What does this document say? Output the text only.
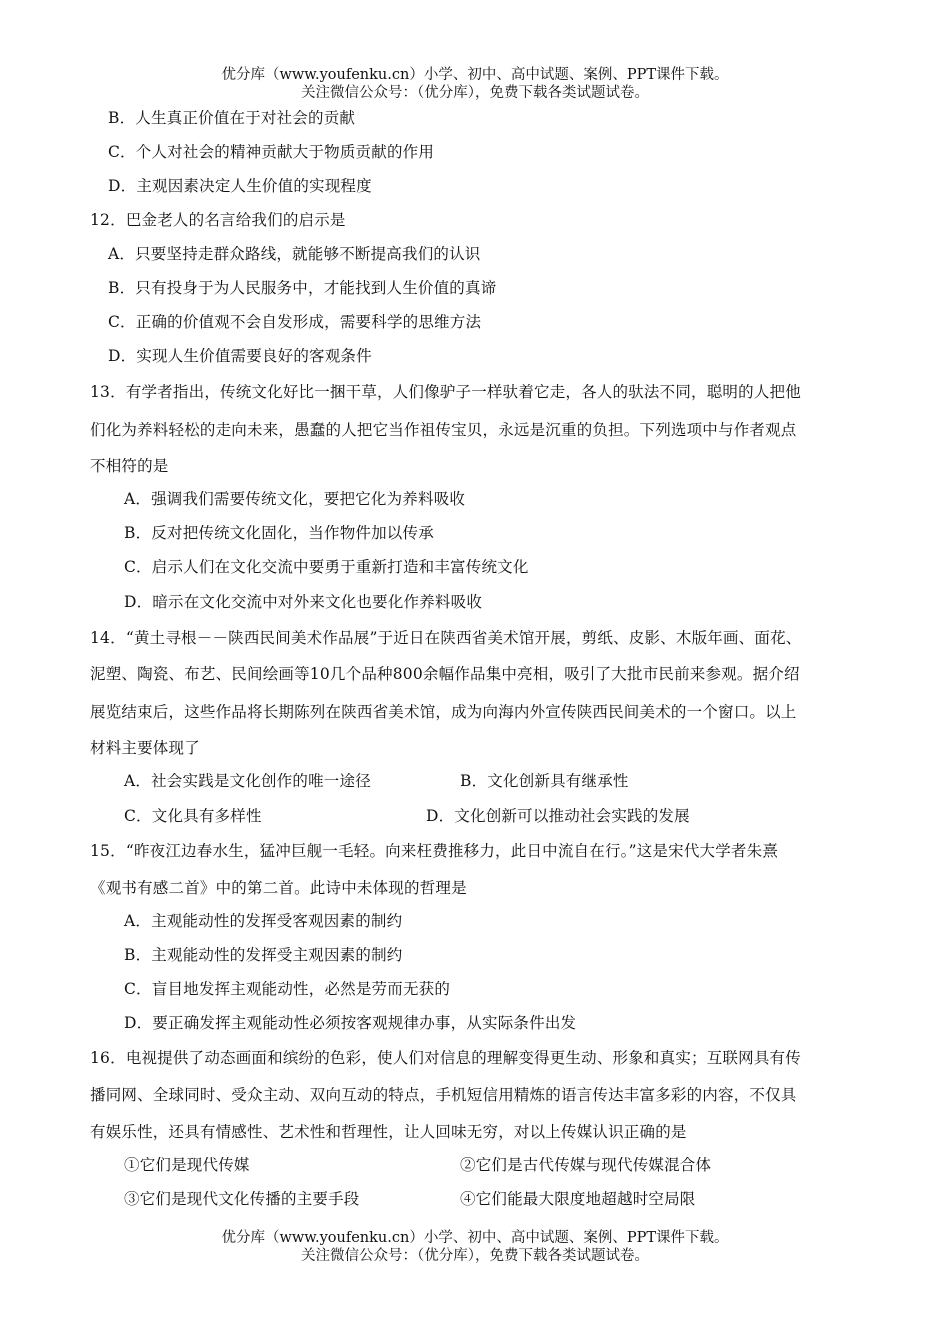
优分库（www.youfenku.cn）小学、初中、高中试题、案例、PPT课件下载。
关注微信公众号：（优分库），免费下载各类试题试卷。
B．人生真正价值在于对社会的贡献
C．个人对社会的精神贡献大于物质贡献的作用
D．主观因素决定人生价值的实现程度
12．巴金老人的名言给我们的启示是
A．只要坚持走群众路线，就能够不断提高我们的认识
B．只有投身于为人民服务中，才能找到人生价值的真谛
C．正确的价值观不会自发形成，需要科学的思维方法
D．实现人生价值需要良好的客观条件
13．有学者指出，传统文化好比一捆干草，人们像驴子一样驮着它走，各人的驮法不同，聪明的人把他
们化为养料轻松的走向未来，愚蠢的人把它当作祖传宝贝，永远是沉重的负担。下列选项中与作者观点
不相符的是
A．强调我们需要传统文化，要把它化为养料吸收
B．反对把传统文化固化，当作物件加以传承
C．启示人们在文化交流中要勇于重新打造和丰富传统文化
D．暗示在文化交流中对外来文化也要化作养料吸收
14．“黄土寻根－－陕西民间美术作品展”于近日在陕西省美术馆开展，剪纸、皮影、木版年画、面花、
泥塑、陶瓷、布艺、民间绘画等10几个品种800余幅作品集中亮相，吸引了大批市民前来参观。据介绍
展览结束后，这些作品将长期陈列在陕西省美术馆，成为向海内外宣传陕西民间美术的一个窗口。以上
材料主要体现了
A．社会实践是文化创作的唯一途径	B．文化创新具有继承性
C．文化具有多样性	D．文化创新可以推动社会实践的发展
15．“昨夜江边春水生，猛冲巨舰一毛轻。向来枉费推移力，此日中流自在行。”这是宋代大学者朱熹
《观书有感二首》中的第二首。此诗中未体现的哲理是
A．主观能动性的发挥受客观因素的制约
B．主观能动性的发挥受主观因素的制约
C．盲目地发挥主观能动性，必然是劳而无获的
D．要正确发挥主观能动性必须按客观规律办事，从实际条件出发
16．电视提供了动态画面和缤纷的色彩，使人们对信息的理解变得更生动、形象和真实；互联网具有传
播同网、全球同时、受众主动、双向互动的特点，手机短信用精炼的语言传达丰富多彩的内容，不仅具
有娱乐性，还具有情感性、艺术性和哲理性，让人回味无穷，对以上传媒认识正确的是
①它们是现代传媒	②它们是古代传媒与现代传媒混合体
③它们是现代文化传播的主要手段	④它们能最大限度地超越时空局限
优分库（www.youfenku.cn）小学、初中、高中试题、案例、PPT课件下载。
关注微信公众号：（优分库），免费下载各类试题试卷。
